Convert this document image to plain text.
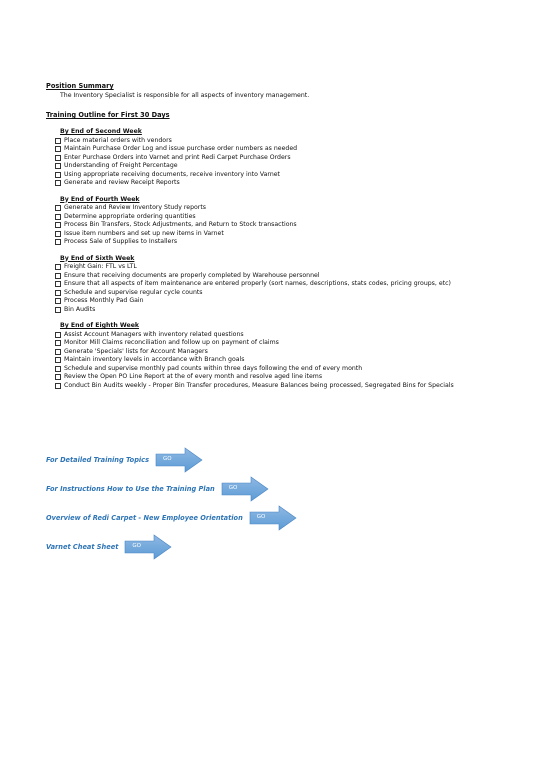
Position Summary

The Inventory Specialist is responsible for all aspects of inventory management.

Training Outline for First 30 Days

By End of Second Week

Place material orders with vendors
Maintain Purchase Order Log and issue purchase order numbers as needed
Enter Purchase Orders into Varnet and print Redi Carpet Purchase Orders
Understanding of Freight Percentage
Using appropriate receiving documents, receive inventory into Varnet
Generate and review Receipt Reports

By End of Fourth Week

Generate and Review Inventory Study reports
Determine appropriate ordering quantities
Process Bin Transfers, Stock Adjustments, and Return to Stock transactions
Issue item numbers and set up new items in Varnet
Process Sale of Supplies to Installers

By End of Sixth Week

Freight Gain: FTL vs LTL
Ensure that receiving documents are properly completed by Warehouse personnel
Ensure that all aspects of item maintenance are entered properly (sort names, descriptions, stats codes, pricing groups, etc)
Schedule and supervise regular cycle counts
Process Monthly Pad Gain
Bin Audits

By End of Eighth Week

Assist Account Managers with inventory related questions
Monitor Mill Claims reconciliation and follow up on payment of claims
Generate 'Specials' lists for Account Managers
Maintain inventory levels in accordance with Branch goals
Schedule and supervise monthly pad counts within three days following the end of every month
Review the Open PO Line Report at the of every month and resolve aged line items
Conduct Bin Audits weekly - Proper Bin Transfer procedures, Measure Balances being processed, Segregated Bins for Specials
For Detailed Training Topics	GO
For Instructions How to Use the Training Plan	GO
Overview of Redi Carpet - New Employee Orientation	GO
Varnet Cheat Sheet	GO
